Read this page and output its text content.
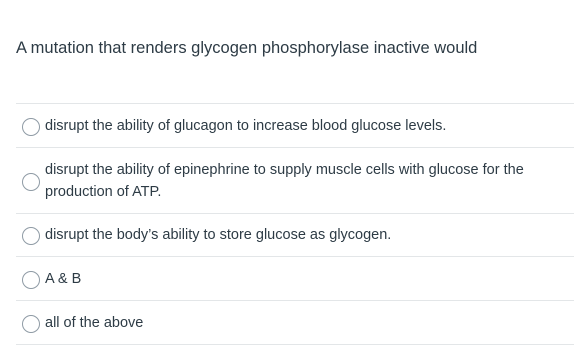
A mutation that renders glycogen phosphorylase inactive would
disrupt the ability of glucagon to increase blood glucose levels.
disrupt the ability of epinephrine to supply muscle cells with glucose for the production of ATP.
disrupt the body’s ability to store glucose as glycogen.
A & B
all of the above
